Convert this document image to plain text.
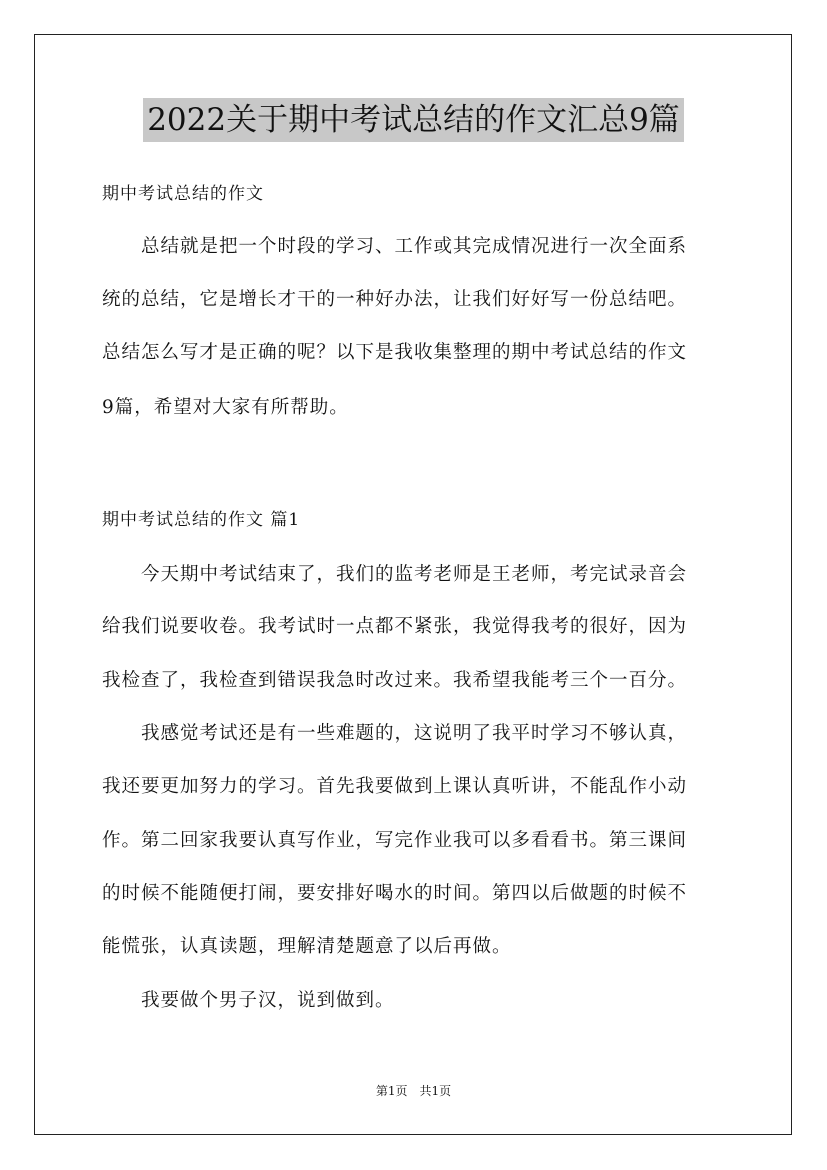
2022关于期中考试总结的作文汇总9篇
期中考试总结的作文
　　总结就是把一个时段的学习、工作或其完成情况进行一次全面系
统的总结，它是增长才干的一种好办法，让我们好好写一份总结吧。
总结怎么写才是正确的呢？以下是我收集整理的期中考试总结的作文
9篇，希望对大家有所帮助。
期中考试总结的作文 篇1
　　今天期中考试结束了，我们的监考老师是王老师，考完试录音会
给我们说要收卷。我考试时一点都不紧张，我觉得我考的很好，因为
我检查了，我检查到错误我急时改过来。我希望我能考三个一百分。
　　我感觉考试还是有一些难题的，这说明了我平时学习不够认真，
我还要更加努力的学习。首先我要做到上课认真听讲，不能乱作小动
作。第二回家我要认真写作业，写完作业我可以多看看书。第三课间
的时候不能随便打闹，要安排好喝水的时间。第四以后做题的时候不
能慌张，认真读题，理解清楚题意了以后再做。
　　我要做个男子汉，说到做到。
第1页　共1页
